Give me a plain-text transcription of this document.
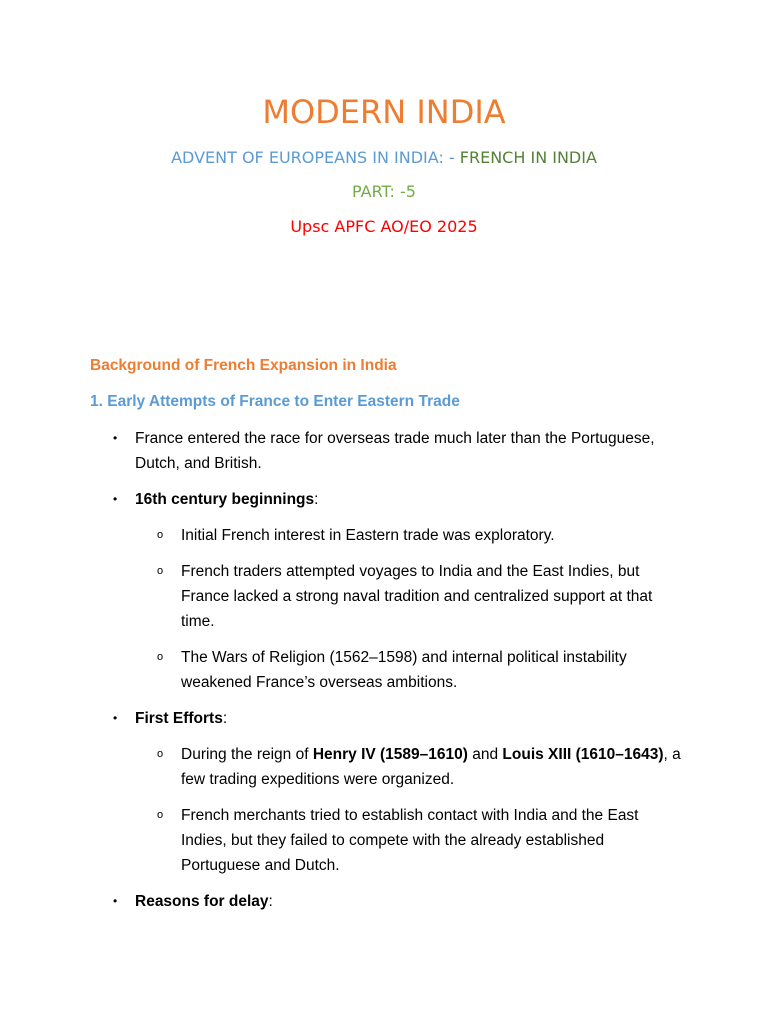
MODERN INDIA

ADVENT OF EUROPEANS IN INDIA: - FRENCH IN INDIA

PART: -5

Upsc APFC AO/EO 2025

Background of French Expansion in India

1. Early Attempts of France to Enter Eastern Trade

• France entered the race for overseas trade much later than the Portuguese, Dutch, and British.

• 16th century beginnings:

o Initial French interest in Eastern trade was exploratory.

o French traders attempted voyages to India and the East Indies, but France lacked a strong naval tradition and centralized support at that time.

o The Wars of Religion (1562–1598) and internal political instability weakened France’s overseas ambitions.

• First Efforts:

o During the reign of Henry IV (1589–1610) and Louis XIII (1610–1643), a few trading expeditions were organized.

o French merchants tried to establish contact with India and the East Indies, but they failed to compete with the already established Portuguese and Dutch.

• Reasons for delay:
